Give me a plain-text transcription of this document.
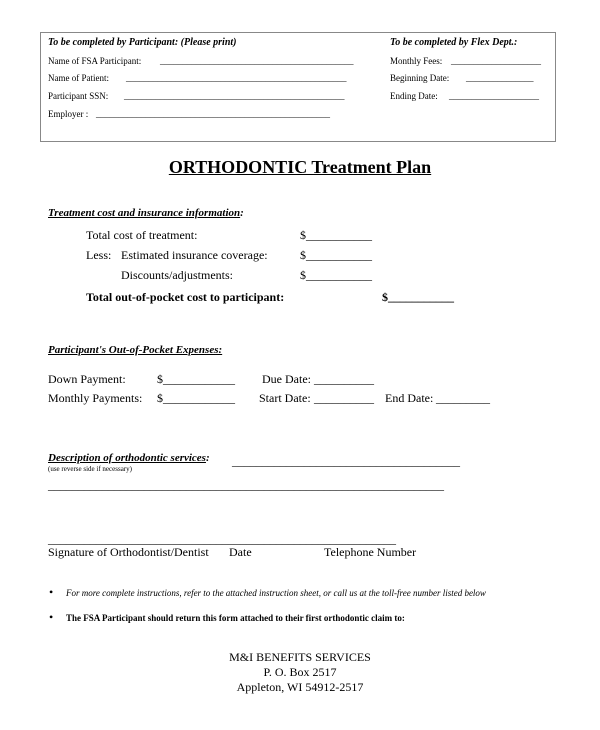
To be completed by Participant: (Please print)	To be completed by Flex Dept.:
Name of FSA Participant: ___________________________________________
Name of Patient: _________________________________________________
Participant SSN: _________________________________________________
Employer : ____________________________________________________
Monthly Fees: ____________________
Beginning Date: _______________
Ending Date: ____________________
ORTHODONTIC Treatment Plan
Treatment cost and insurance information:
Total cost of treatment:	$___________
Less: Estimated insurance coverage:	$___________
Discounts/adjustments:	$___________
Total out-of-pocket cost to participant:	$___________
Participant's Out-of-Pocket Expenses:
Down Payment:	$____________ Due Date: __________
Monthly Payments: $____________ Start Date: __________ End Date: _________
Description of orthodontic services: ______________________________________
(use reverse side if necessary)
__________________________________________________________________
__________________________________________________________
Signature of Orthodontist/Dentist Date	Telephone Number
• For more complete instructions, refer to the attached instruction sheet, or call us at the toll-free number listed below
• The FSA Participant should return this form attached to their first orthodontic claim to:
M&I BENEFITS SERVICES
P. O. Box 2517
Appleton, WI 54912-2517
